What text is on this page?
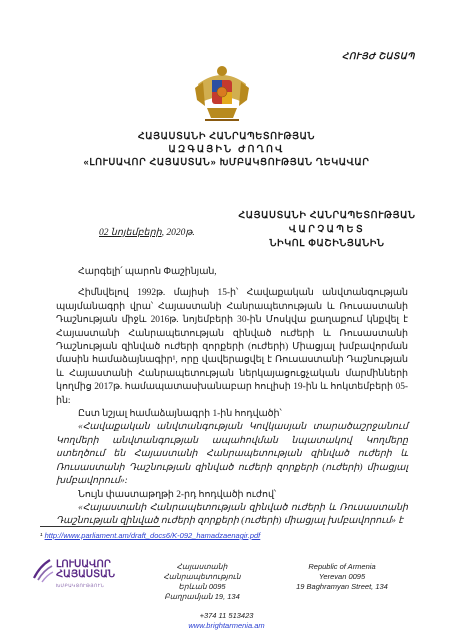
ՀՈՒՅԺ ՇԱՏԱՊ
ՀԱՅԱՍՏԱՆԻ ՀԱՆՐԱՊԵՏՈՒԹՅԱՆ
ԱԶԳԱՅԻՆ ԺՈՂՈՎ
«ԼՈՒՍԱՎՈՐ ՀԱՅԱՍՏԱՆ» ԽՄԲԱԿՑՈՒԹՅԱՆ ՂԵԿԱՎԱՐ
02 նոյեմբերի, 2020թ.
ՀԱՅԱՍՏԱՆԻ ՀԱՆՐԱՊԵՏՈՒԹՅԱՆ
ՎԱՐՉԱՊԵՏ
ՆԻԿՈԼ ՓԱՇԻՆՅԱՆԻՆ

Հարգելի՛ պարոն Փաշինյան,

Հիմնվելով 1992թ. մայիսի 15-ի՝ Հավաքական անվտանգության պայմանագրի վրա՝ Հայաստանի Հանրապետության և Ռուսաստանի Դաշնության միջև 2016թ. նոյեմբերի 30-ին Մոսկվա քաղաքում կնքվել է Հայաստանի Հանրապետության զինված ուժերի և Ռուսաստանի Դաշնության զինված ուժերի զորքերի (ուժերի) Միացյալ խմբավորման մասին համաձայնագիր¹, որը վավերացվել է Ռուսաստանի Դաշնության և Հայաստանի Հանրապետության ներկայացուցչական մարմինների կողմից 2017թ. համապատասխանաբար հուլիսի 19-ին և հոկտեմբերի 05-ին:

Ըստ նշյալ համաձայնագրի 1-ին հոդվածի՝

«Հավաքական անվտանգության Կովկասյան տարածաշրջանում Կողմերի անվտանգության ապահովման նպատակով Կողմերը ստեղծում են Հայաստանի Հանրապետության զինված ուժերի և Ռուսաստանի Դաշնության զինված ուժերի զորքերի (ուժերի) միացյալ խմբավորում»:

Նույն փաստաթղթի 2-րդ հոդվածի ուժով՝

«Հայաստանի Հանրապետության զինված ուժերի և Ռուսաստանի Դաշնության զինված ուժերի զորքերի (ուժերի) միացյալ խմբավորում» է

¹ http://www.parliament.am/draft_docs6/K-092_hamadzaenagir.pdf
ԼՈՒՍԱՎՈՐ
ՀԱՅԱՍՏԱՆ
ԽՄԲԱԿՑՈՒԹՅՈՒՆ
Հայաստանի Հանրապետություն
Երևան 0095
Բաղրամյան 19, 134
Republic of Armenia
Yerevan 0095
19 Baghramyan Street, 134
+374 11 513423
www.brightarmenia.am
